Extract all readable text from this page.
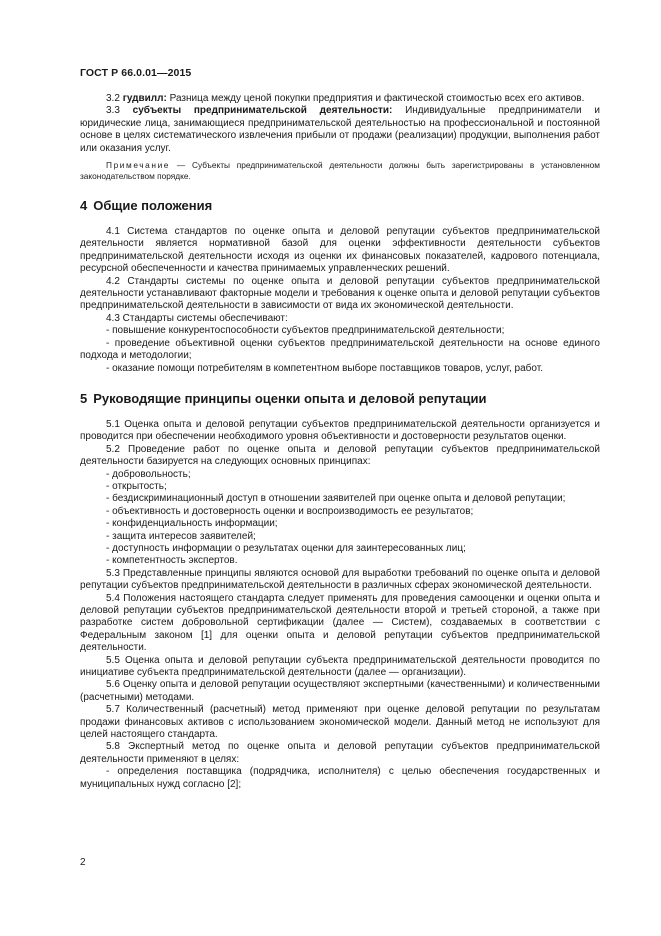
ГОСТ Р 66.0.01—2015

3.2 гудвилл: Разница между ценой покупки предприятия и фактической стоимостью всех его активов.

3.3 субъекты предпринимательской деятельности: Индивидуальные предприниматели и юридические лица, занимающиеся предпринимательской деятельностью на профессиональной и постоянной основе в целях систематического извлечения прибыли от продажи (реализации) продукции, выполнения работ или оказания услуг.

Примечание — Субъекты предпринимательской деятельности должны быть зарегистрированы в установленном законодательством порядке.

4 Общие положения

4.1 Система стандартов по оценке опыта и деловой репутации субъектов предпринимательской деятельности является нормативной базой для оценки эффективности деятельности субъектов предпринимательской деятельности исходя из оценки их финансовых показателей, кадрового потенциала, ресурсной обеспеченности и качества принимаемых управленческих решений.

4.2 Стандарты системы по оценке опыта и деловой репутации субъектов предпринимательской деятельности устанавливают факторные модели и требования к оценке опыта и деловой репутации субъектов предпринимательской деятельности в зависимости от вида их экономической деятельности.

4.3 Стандарты системы обеспечивают:

- повышение конкурентоспособности субъектов предпринимательской деятельности;

- проведение объективной оценки субъектов предпринимательской деятельности на основе единого подхода и методологии;

- оказание помощи потребителям в компетентном выборе поставщиков товаров, услуг, работ.

5 Руководящие принципы оценки опыта и деловой репутации

5.1 Оценка опыта и деловой репутации субъектов предпринимательской деятельности организуется и проводится при обеспечении необходимого уровня объективности и достоверности результатов оценки.

5.2 Проведение работ по оценке опыта и деловой репутации субъектов предпринимательской деятельности базируется на следующих основных принципах:

- добровольность;

- открытость;

- бездискриминационный доступ в отношении заявителей при оценке опыта и деловой репутации;

- объективность и достоверность оценки и воспроизводимость ее результатов;

- конфиденциальность информации;

- защита интересов заявителей;

- доступность информации о результатах оценки для заинтересованных лиц;

- компетентность экспертов.

5.3 Представленные принципы являются основой для выработки требований по оценке опыта и деловой репутации субъектов предпринимательской деятельности в различных сферах экономической деятельности.

5.4 Положения настоящего стандарта следует применять для проведения самооценки и оценки опыта и деловой репутации субъектов предпринимательской деятельности второй и третьей стороной, а также при разработке систем добровольной сертификации (далее — Систем), создаваемых в соответствии с Федеральным законом [1] для оценки опыта и деловой репутации субъектов предпринимательской деятельности.

5.5 Оценка опыта и деловой репутации субъекта предпринимательской деятельности проводится по инициативе субъекта предпринимательской деятельности (далее — организации).

5.6 Оценку опыта и деловой репутации осуществляют экспертными (качественными) и количественными (расчетными) методами.

5.7 Количественный (расчетный) метод применяют при оценке деловой репутации по результатам продажи финансовых активов с использованием экономической модели. Данный метод не используют для целей настоящего стандарта.

5.8 Экспертный метод по оценке опыта и деловой репутации субъектов предпринимательской деятельности применяют в целях:

- определения поставщика (подрядчика, исполнителя) с целью обеспечения государственных и муниципальных нужд согласно [2];

2
